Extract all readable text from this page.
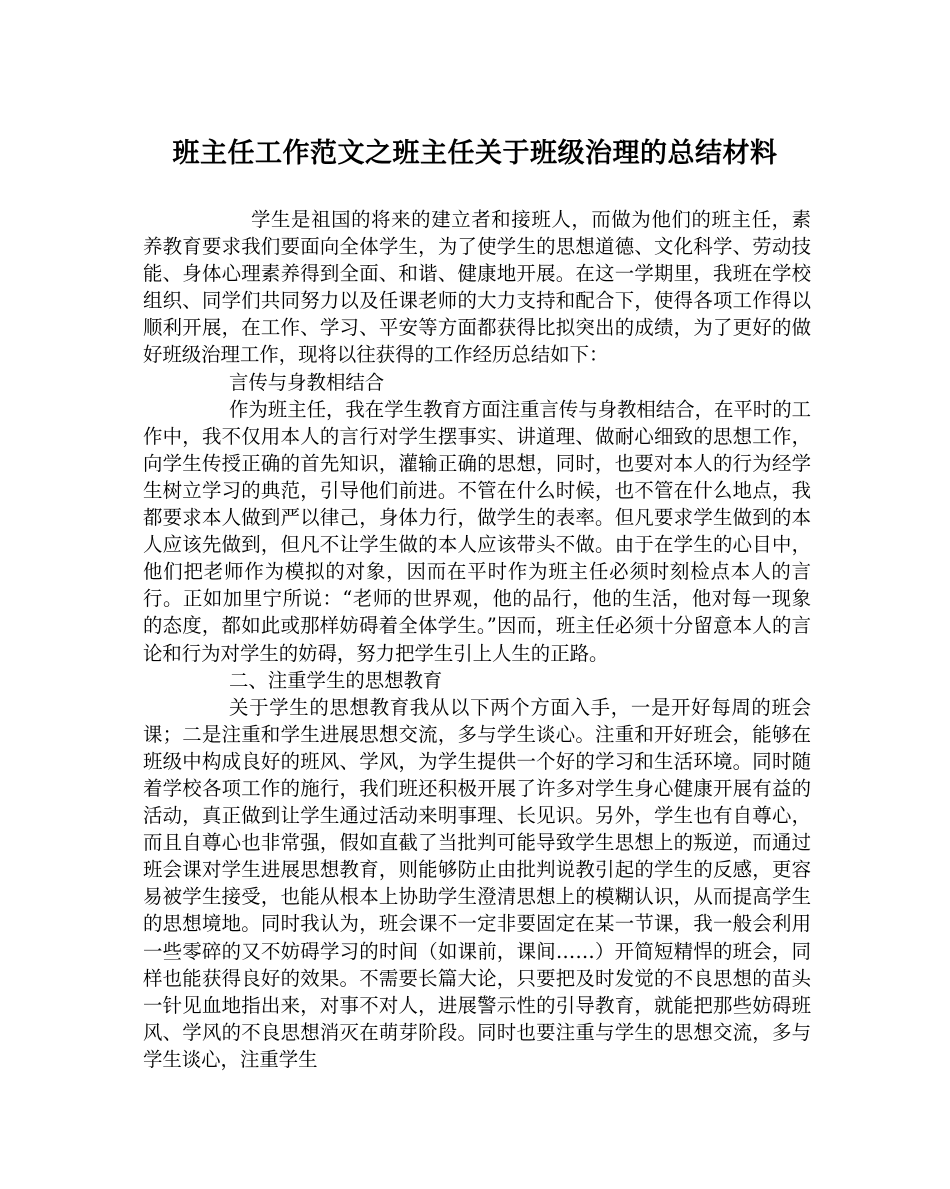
班主任工作范文之班主任关于班级治理的总结材料

学生是祖国的将来的建立者和接班人，而做为他们的班主任，素养教育要求我们要面向全体学生，为了使学生的思想道德、文化科学、劳动技能、身体心理素养得到全面、和谐、健康地开展。在这一学期里，我班在学校组织、同学们共同努力以及任课老师的大力支持和配合下，使得各项工作得以顺利开展，在工作、学习、平安等方面都获得比拟突出的成绩，为了更好的做好班级治理工作，现将以往获得的工作经历总结如下：

言传与身教相结合

作为班主任，我在学生教育方面注重言传与身教相结合，在平时的工作中，我不仅用本人的言行对学生摆事实、讲道理、做耐心细致的思想工作，向学生传授正确的首先知识，灌输正确的思想，同时，也要对本人的行为经学生树立学习的典范，引导他们前进。不管在什么时候，也不管在什么地点，我都要求本人做到严以律己，身体力行，做学生的表率。但凡要求学生做到的本人应该先做到，但凡不让学生做的本人应该带头不做。由于在学生的心目中，他们把老师作为模拟的对象，因而在平时作为班主任必须时刻检点本人的言行。正如加里宁所说：“老师的世界观，他的品行，他的生活，他对每一现象的态度，都如此或那样妨碍着全体学生。”因而，班主任必须十分留意本人的言论和行为对学生的妨碍，努力把学生引上人生的正路。

二、注重学生的思想教育

关于学生的思想教育我从以下两个方面入手，一是开好每周的班会课；二是注重和学生进展思想交流，多与学生谈心。注重和开好班会，能够在班级中构成良好的班风、学风，为学生提供一个好的学习和生活环境。同时随着学校各项工作的施行，我们班还积极开展了许多对学生身心健康开展有益的活动，真正做到让学生通过活动来明事理、长见识。另外，学生也有自尊心，而且自尊心也非常强，假如直截了当批判可能导致学生思想上的叛逆，而通过班会课对学生进展思想教育，则能够防止由批判说教引起的学生的反感，更容易被学生接受，也能从根本上协助学生澄清思想上的模糊认识，从而提高学生的思想境地。同时我认为，班会课不一定非要固定在某一节课，我一般会利用一些零碎的又不妨碍学习的时间（如课前，课间……）开简短精悍的班会，同样也能获得良好的效果。不需要长篇大论，只要把及时发觉的不良思想的苗头一针见血地指出来，对事不对人，进展警示性的引导教育，就能把那些妨碍班风、学风的不良思想消灭在萌芽阶段。同时也要注重与学生的思想交流，多与学生谈心，注重学生
